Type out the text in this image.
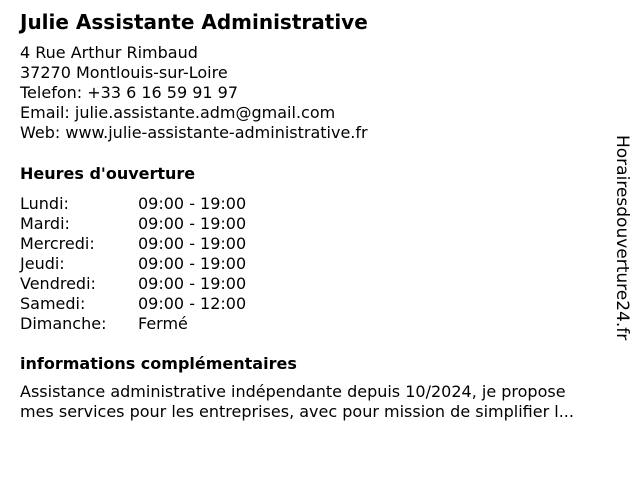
Julie Assistante Administrative
4 Rue Arthur Rimbaud
37270 Montlouis-sur-Loire
Telefon: +33 6 16 59 91 97
Email: julie.assistante.adm@gmail.com
Web: www.julie-assistante-administrative.fr
Heures d'ouverture
Lundi:	09:00 - 19:00
Mardi:	09:00 - 19:00
Mercredi:	09:00 - 19:00
Jeudi:	09:00 - 19:00
Vendredi:	09:00 - 19:00
Samedi:	09:00 - 12:00
Dimanche:	Fermé
informations complémentaires
Assistance administrative indépendante depuis 10/2024, je propose
mes services pour les entreprises, avec pour mission de simplifier l...
Horairesdouverture24.fr
